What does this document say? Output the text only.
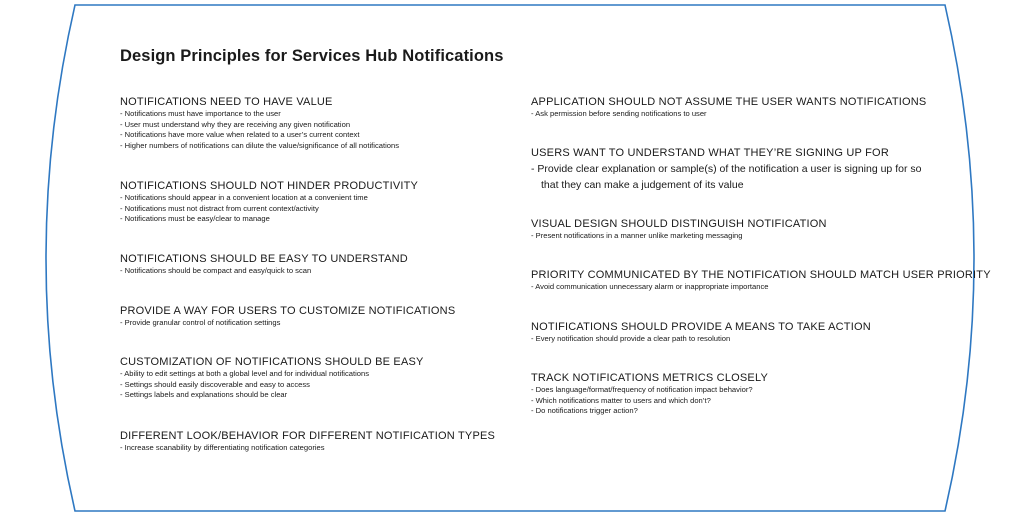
Design Principles for Services Hub Notifications
NOTIFICATIONS NEED TO HAVE VALUE
- Notifications must have importance to the user
- User must understand why they are receiving any given notification
- Notifications have more value when related to a user’s current context
- Higher numbers of notifications can dilute the value/significance of all notifications
NOTIFICATIONS SHOULD NOT HINDER PRODUCTIVITY
- Notifications should appear in a convenient location at a convenient time
- Notifications must not distract from current context/activity
- Notifications must be easy/clear to manage
NOTIFICATIONS SHOULD BE EASY TO UNDERSTAND
- Notifications should be compact and easy/quick to scan
PROVIDE A WAY FOR USERS TO CUSTOMIZE NOTIFICATIONS
- Provide granular control of notification settings
CUSTOMIZATION OF NOTIFICATIONS SHOULD BE EASY
- Ability to edit settings at both a global level and for individual notifications
- Settings should easily discoverable and easy to access
- Settings labels and explanations should be clear
DIFFERENT LOOK/BEHAVIOR FOR DIFFERENT NOTIFICATION TYPES
- Increase scanability by differentiating notification categories
APPLICATION SHOULD NOT ASSUME THE USER WANTS NOTIFICATIONS
- Ask permission before sending notifications to user
USERS WANT TO UNDERSTAND WHAT THEY’RE SIGNING UP FOR
- Provide clear explanation or sample(s) of the notification a user is signing up for so that they can make a judgement of its value
VISUAL DESIGN SHOULD DISTINGUISH NOTIFICATION
- Present notifications in a manner unlike marketing messaging
PRIORITY COMMUNICATED BY THE NOTIFICATION SHOULD MATCH USER PRIORITY
- Avoid communication unnecessary alarm or inappropriate importance
NOTIFICATIONS SHOULD PROVIDE A MEANS TO TAKE ACTION
- Every notification should provide a clear path to resolution
TRACK NOTIFICATIONS METRICS CLOSELY
- Does language/format/frequency of notification impact behavior?
- Which notifications matter to users and which don’t?
- Do notifications trigger action?
